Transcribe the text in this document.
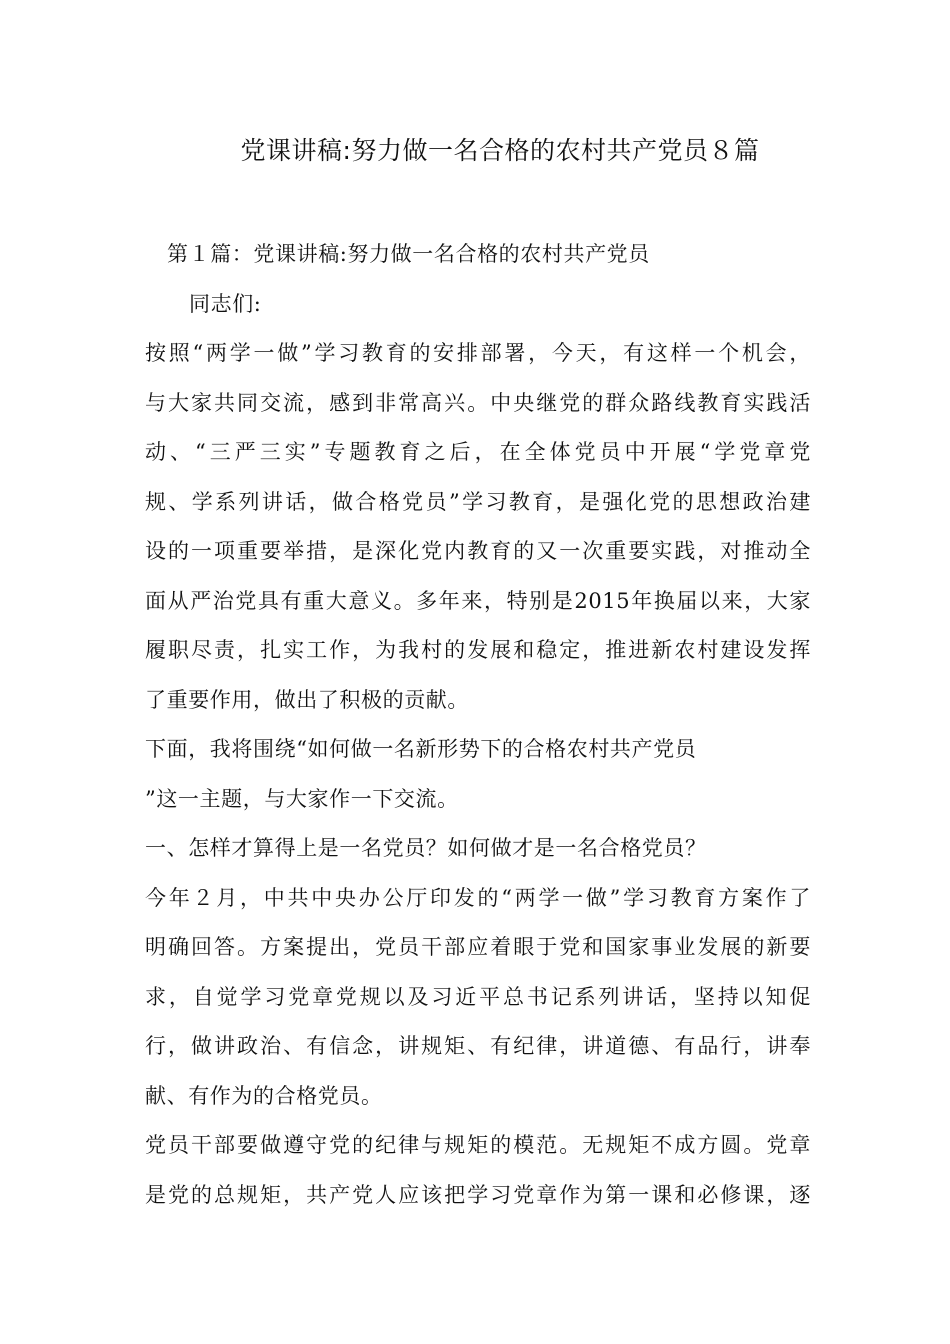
党课讲稿:努力做一名合格的农村共产党员８篇
第１篇：党课讲稿:努力做一名合格的农村共产党员
同志们:
按照“两学一做”学习教育的安排部署，今天，有这样一个机会，
与大家共同交流，感到非常高兴。中央继党的群众路线教育实践活
动、“三严三实”专题教育之后，在全体党员中开展“学党章党
规、学系列讲话，做合格党员”学习教育，是强化党的思想政治建
设的一项重要举措，是深化党内教育的又一次重要实践，对推动全
面从严治党具有重大意义。多年来，特别是2015年换届以来，大家
履职尽责，扎实工作，为我村的发展和稳定，推进新农村建设发挥
了重要作用，做出了积极的贡献。
下面，我将围绕“如何做一名新形势下的合格农村共产党员
”这一主题，与大家作一下交流。
一、怎样才算得上是一名党员？如何做才是一名合格党员？
今年２月，中共中央办公厅印发的“两学一做”学习教育方案作了
明确回答。方案提出，党员干部应着眼于党和国家事业发展的新要
求，自觉学习党章党规以及习近平总书记系列讲话，坚持以知促
行，做讲政治、有信念，讲规矩、有纪律，讲道德、有品行，讲奉
献、有作为的合格党员。
党员干部要做遵守党的纪律与规矩的模范。无规矩不成方圆。党章
是党的总规矩，共产党人应该把学习党章作为第一课和必修课，逐
